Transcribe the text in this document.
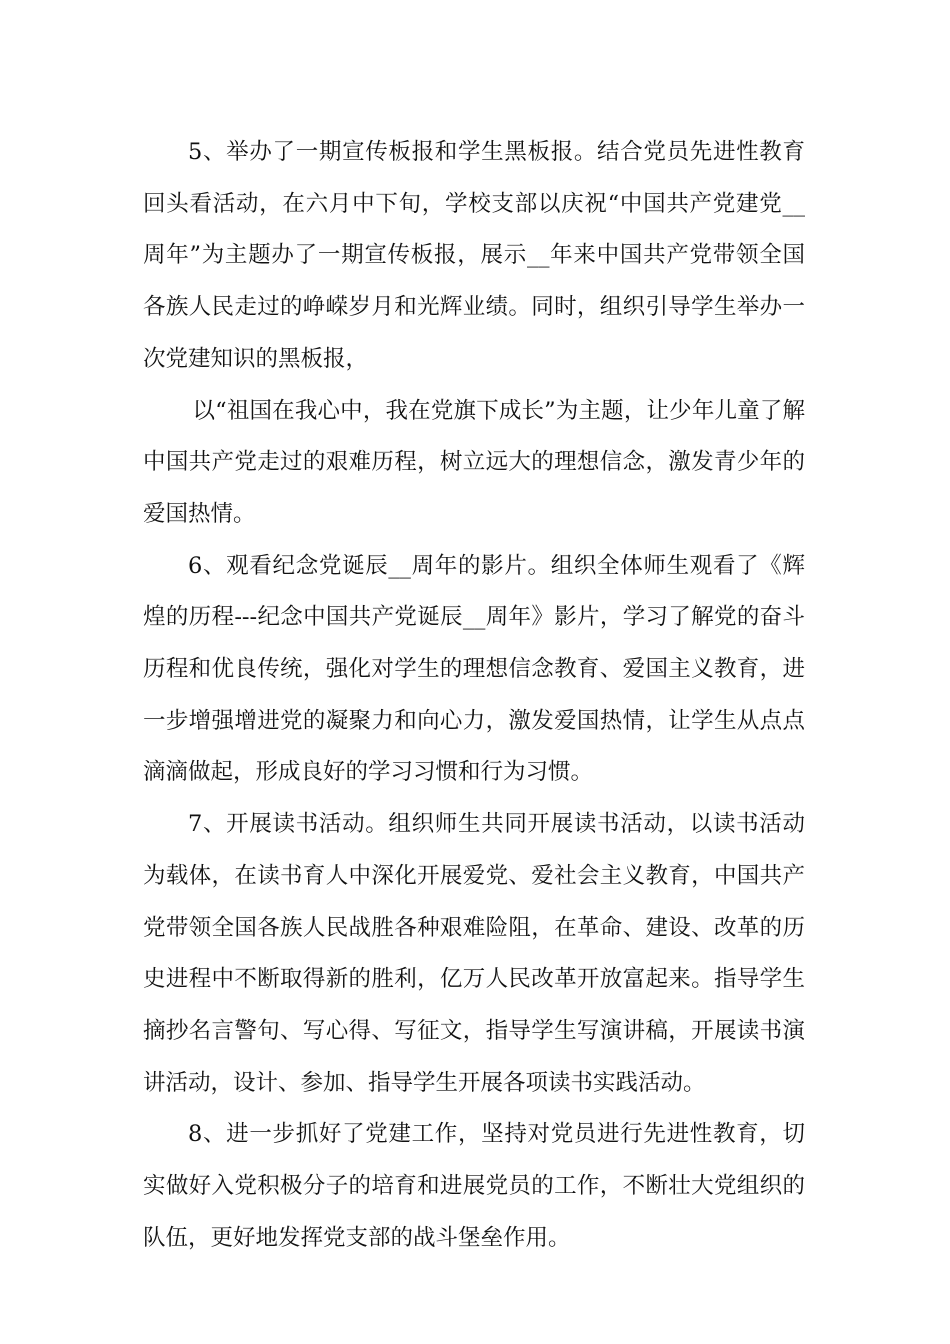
5、举办了一期宣传板报和学生黑板报。结合党员先进性教育回头看活动，在六月中下旬，学校支部以庆祝“中国共产党建党__周年”为主题办了一期宣传板报，展示__年来中国共产党带领全国各族人民走过的峥嵘岁月和光辉业绩。同时，组织引导学生举办一次党建知识的黑板报，

以“祖国在我心中，我在党旗下成长”为主题，让少年儿童了解中国共产党走过的艰难历程，树立远大的理想信念，激发青少年的爱国热情。

6、观看纪念党诞辰__周年的影片。组织全体师生观看了《辉煌的历程---纪念中国共产党诞辰__周年》影片，学习了解党的奋斗历程和优良传统，强化对学生的理想信念教育、爱国主义教育，进一步增强增进党的凝聚力和向心力，激发爱国热情，让学生从点点滴滴做起，形成良好的学习习惯和行为习惯。

7、开展读书活动。组织师生共同开展读书活动，以读书活动为载体，在读书育人中深化开展爱党、爱社会主义教育，中国共产党带领全国各族人民战胜各种艰难险阻，在革命、建设、改革的历史进程中不断取得新的胜利，亿万人民改革开放富起来。指导学生摘抄名言警句、写心得、写征文，指导学生写演讲稿，开展读书演讲活动，设计、参加、指导学生开展各项读书实践活动。

8、进一步抓好了党建工作，坚持对党员进行先进性教育，切实做好入党积极分子的培育和进展党员的工作，不断壮大党组织的队伍，更好地发挥党支部的战斗堡垒作用。
